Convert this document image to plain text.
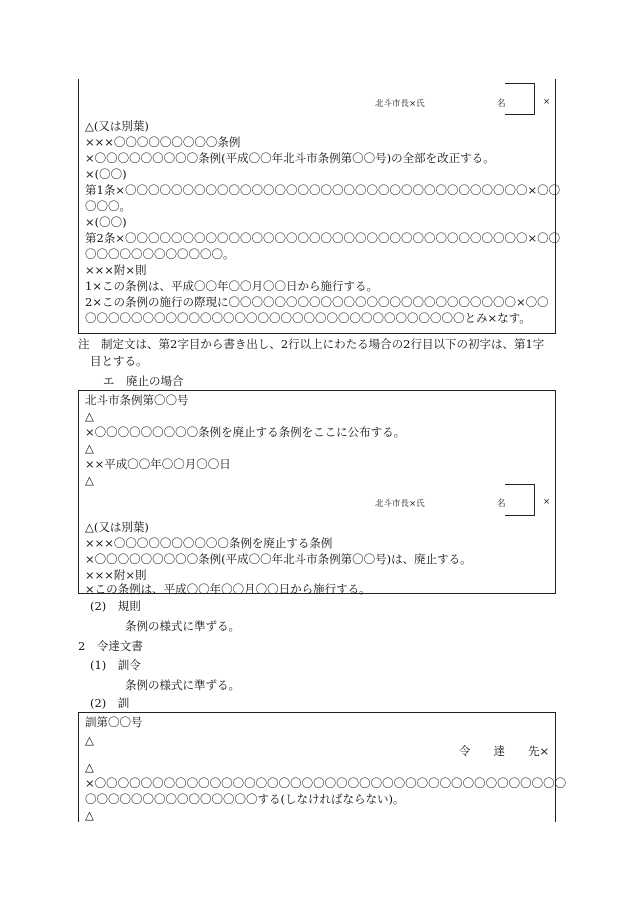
北斗市長×氏	名	×
△(又は別葉)
×××〇〇〇〇〇〇〇〇〇条例
×〇〇〇〇〇〇〇〇〇条例(平成〇〇年北斗市条例第〇〇号)の全部を改正する。
×(〇〇)
第1条×〇〇〇〇〇〇〇〇〇〇〇〇〇〇〇〇〇〇〇〇〇〇〇〇〇〇〇〇〇〇〇〇〇〇〇×〇〇
〇〇〇。
×(〇〇)
第2条×〇〇〇〇〇〇〇〇〇〇〇〇〇〇〇〇〇〇〇〇〇〇〇〇〇〇〇〇〇〇〇〇〇〇〇×〇〇
〇〇〇〇〇〇〇〇〇〇〇〇。
×××附×則
1×この条例は、平成〇〇年〇〇月〇〇日から施行する。
2×この条例の施行の際現に〇〇〇〇〇〇〇〇〇〇〇〇〇〇〇〇〇〇〇〇〇〇〇〇〇×〇〇
〇〇〇〇〇〇〇〇〇〇〇〇〇〇〇〇〇〇〇〇〇〇〇〇〇〇〇〇〇〇〇〇〇とみ×なす。
注　制定文は、第2字目から書き出し、2行以上にわたる場合の2行目以下の初字は、第1字
目とする。
エ　廃止の場合
北斗市条例第〇〇号
△
×〇〇〇〇〇〇〇〇〇条例を廃止する条例をここに公布する。
△
××平成〇〇年〇〇月〇〇日
△
北斗市長×氏	名	×
△(又は別葉)
×××〇〇〇〇〇〇〇〇〇〇条例を廃止する条例
×〇〇〇〇〇〇〇〇〇条例(平成〇〇年北斗市条例第〇〇号)は、廃止する。
×××附×則
×この条例は、平成〇〇年〇〇月〇〇日から施行する。
(2)　規則
条例の様式に準ずる。
2　令達文書
(1)　訓令
条例の様式に準ずる。
(2)　訓
訓第〇〇号
△
令　　達　　先×
△
×〇〇〇〇〇〇〇〇〇〇〇〇〇〇〇〇〇〇〇〇〇〇〇〇〇〇〇〇〇〇〇〇〇〇〇〇〇〇〇〇〇
〇〇〇〇〇〇〇〇〇〇〇〇〇〇〇する(しなければならない)。
△
